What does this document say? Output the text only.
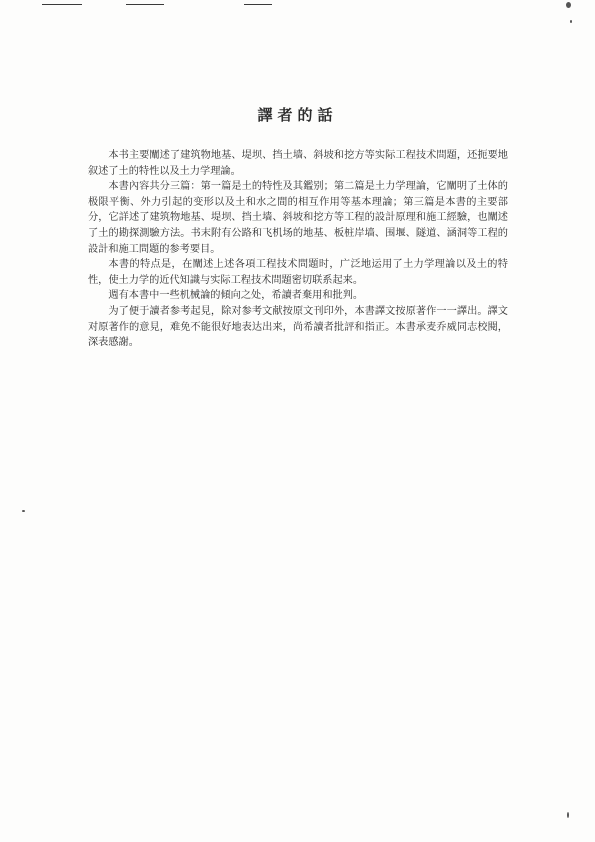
譯者的話

本书主要闡述了建筑物地基、堤坝、挡土墙、斜坡和挖方等实际工程技术問題，还扼要地叙述了土的特性以及土力学理論。

本書內容共分三篇：第一篇是土的特性及其鑑别；第二篇是土力学理論，它闡明了土体的极限平衡、外力引起的变形以及土和水之間的相互作用等基本理論；第三篇是本書的主要部分，它詳述了建筑物地基、堤坝、挡土墙、斜坡和挖方等工程的設計原理和施工經驗，也闡述了土的勘探測驗方法。书末附有公路和飞机场的地基、板桩岸墙、围堰、隧道、涵洞等工程的設計和施工問題的参考要目。

本書的特点是，在闡述上述各項工程技术問題时，广泛地运用了土力学理論以及土的特性，使土力学的近代知識与实际工程技术問題密切联系起来。

週有本書中一些机械論的傾向之处，希讀者棄用和批判。

为了便于讀者参考起見，除对参考文献按原文刊印外，本書譯文按原著作一一譯出。譯文对原著作的意見，难免不能很好地表达出来，尚希讀者批評和指正。本書承麦乔威同志校閱，深表感謝。
